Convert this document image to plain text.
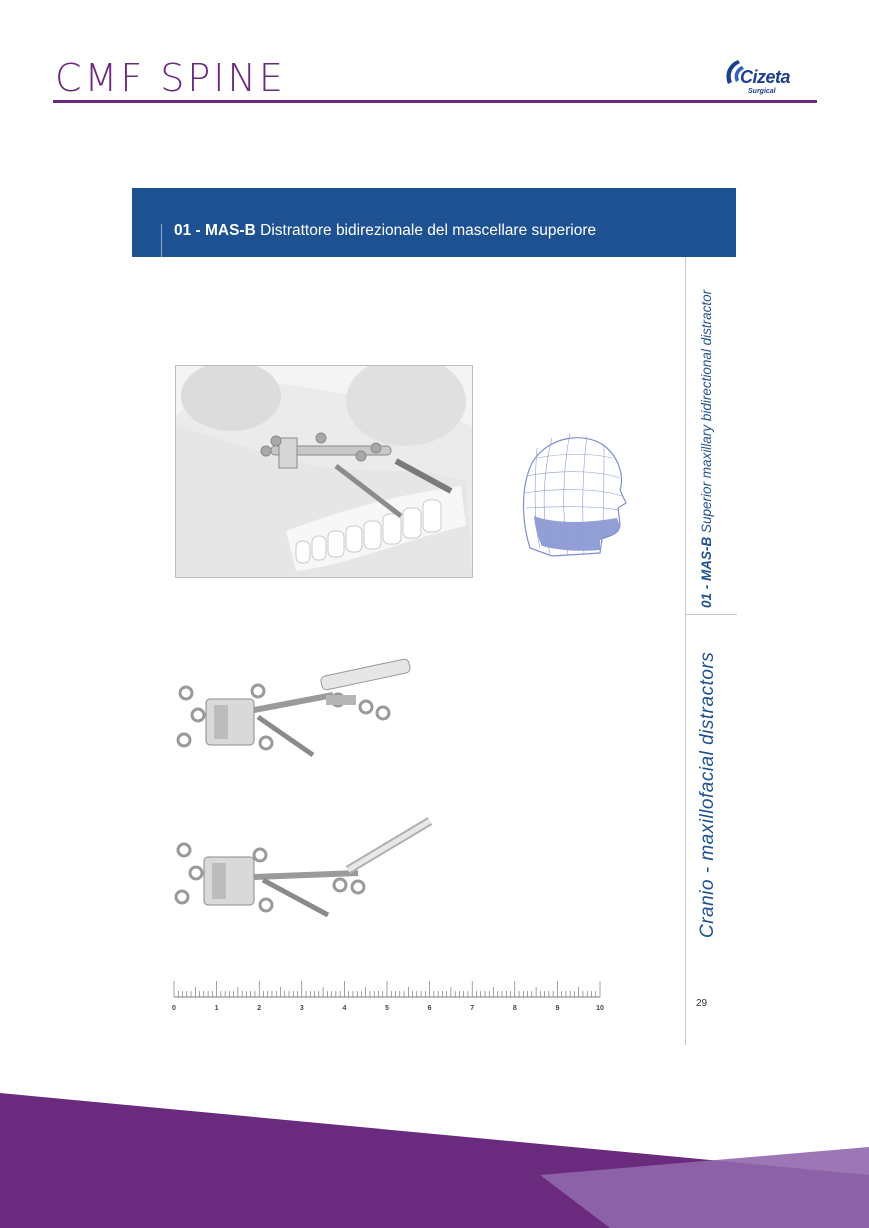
CMF SPINE	Cizeta
Surgical
01 - MAS-B Distrattore bidirezionale del mascellare superiore
01 - MAS-B Superior maxillary bidirectional distractor
Cranio - maxillofacial distractors
29
0	1	2	3	4	5	6	7	8	9	10
